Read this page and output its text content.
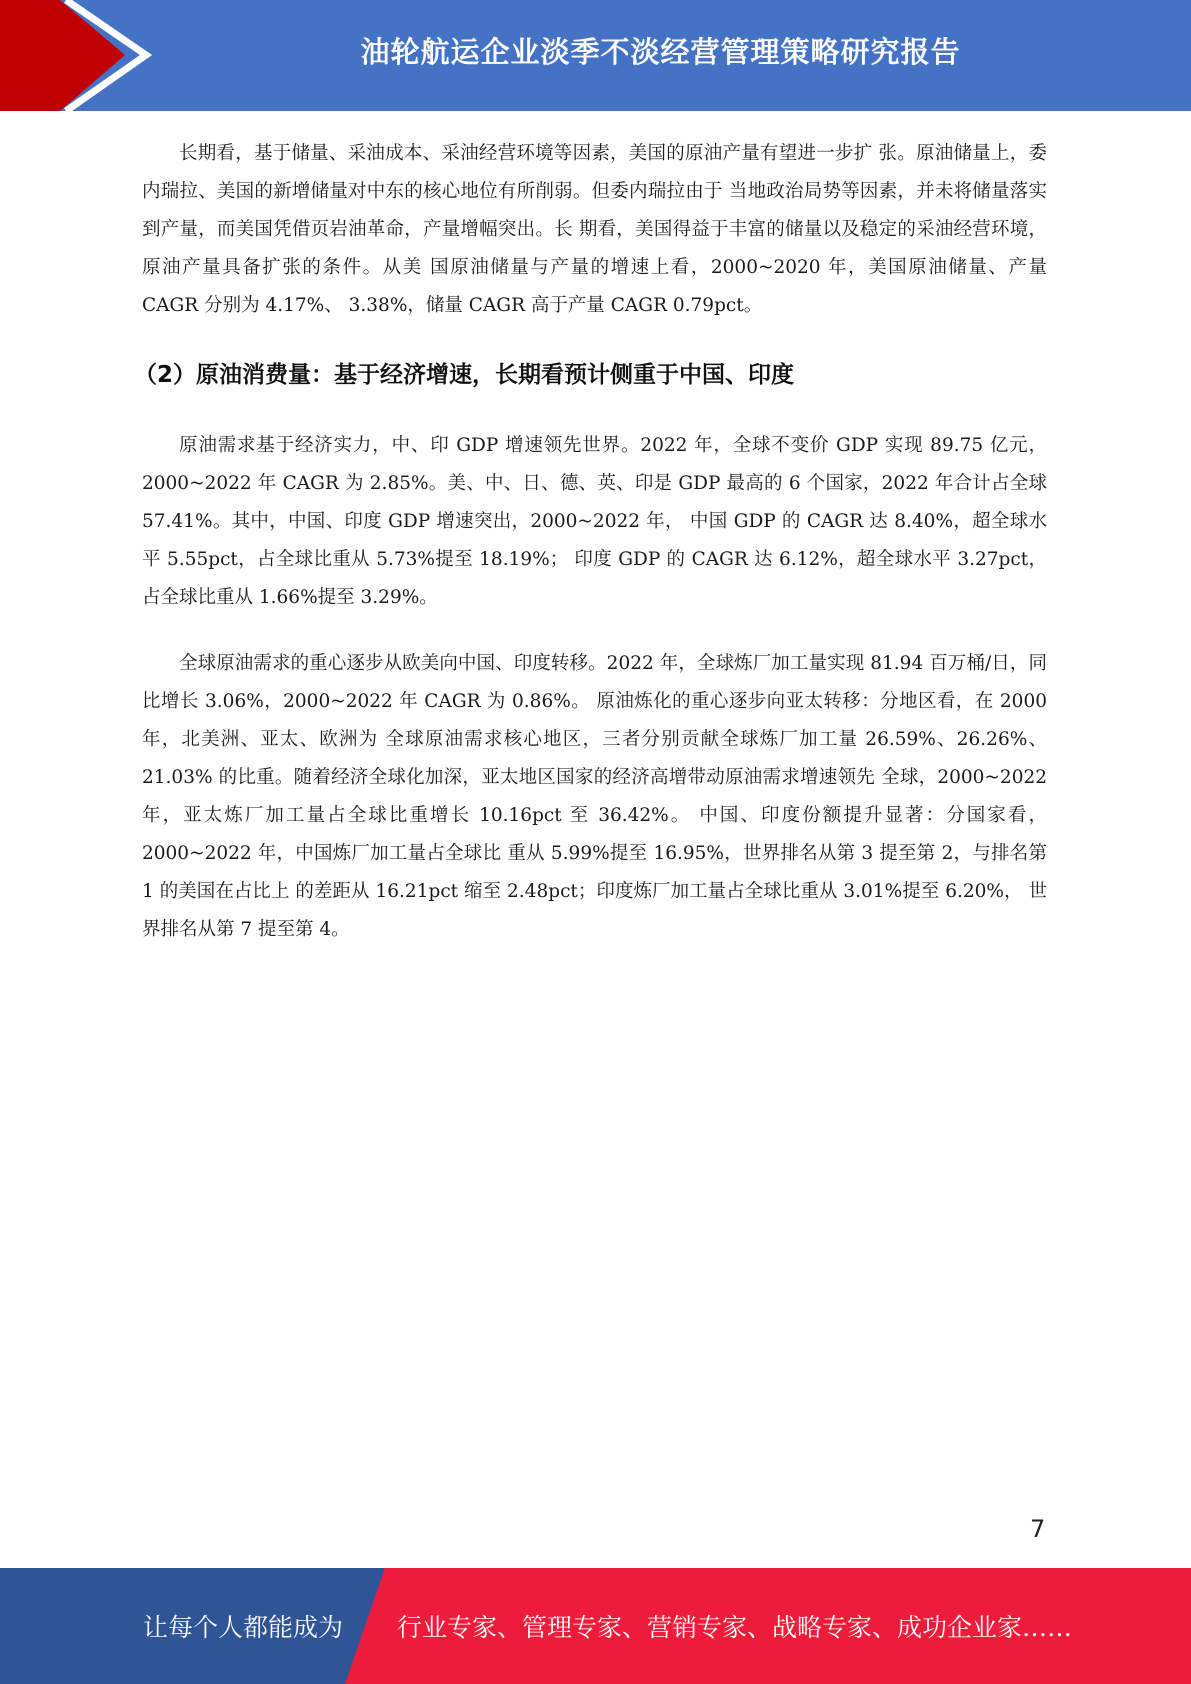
油轮航运企业淡季不淡经营管理策略研究报告

长期看，基于储量、采油成本、采油经营环境等因素，美国的原油产量有望进一步扩 张。原油储量上，委内瑞拉、美国的新增储量对中东的核心地位有所削弱。但委内瑞拉由于 当地政治局势等因素，并未将储量落实到产量，而美国凭借页岩油革命，产量增幅突出。长 期看，美国得益于丰富的储量以及稳定的采油经营环境，原油产量具备扩张的条件。从美 国原油储量与产量的增速上看，2000~2020 年，美国原油储量、产量 CAGR 分别为 4.17%、 3.38%，储量 CAGR 高于产量 CAGR 0.79pct。

（2）原油消费量：基于经济增速，长期看预计侧重于中国、印度

原油需求基于经济实力，中、印 GDP 增速领先世界。2022 年，全球不变价 GDP 实现 89.75 亿元，2000~2022 年 CAGR 为 2.85%。美、中、日、德、英、印是 GDP 最高的 6 个国家，2022 年合计占全球 57.41%。其中，中国、印度 GDP 增速突出，2000~2022 年， 中国 GDP 的 CAGR 达 8.40%，超全球水平 5.55pct，占全球比重从 5.73%提至 18.19%； 印度 GDP 的 CAGR 达 6.12%，超全球水平 3.27pct，占全球比重从 1.66%提至 3.29%。

全球原油需求的重心逐步从欧美向中国、印度转移。2022 年，全球炼厂加工量实现 81.94 百万桶/日，同比增长 3.06%，2000~2022 年 CAGR 为 0.86%。 原油炼化的重心逐步向亚太转移：分地区看，在 2000 年，北美洲、亚太、欧洲为 全球原油需求核心地区，三者分别贡献全球炼厂加工量 26.59%、26.26%、21.03% 的比重。随着经济全球化加深，亚太地区国家的经济高增带动原油需求增速领先 全球，2000~2022 年，亚太炼厂加工量占全球比重增长 10.16pct 至 36.42%。 中国、印度份额提升显著：分国家看，2000~2022 年，中国炼厂加工量占全球比 重从 5.99%提至 16.95%，世界排名从第 3 提至第 2，与排名第 1 的美国在占比上 的差距从 16.21pct 缩至 2.48pct；印度炼厂加工量占全球比重从 3.01%提至 6.20%， 世界排名从第 7 提至第 4。

7
让每个人都能成为 行业专家、管理专家、营销专家、战略专家、成功企业家……
